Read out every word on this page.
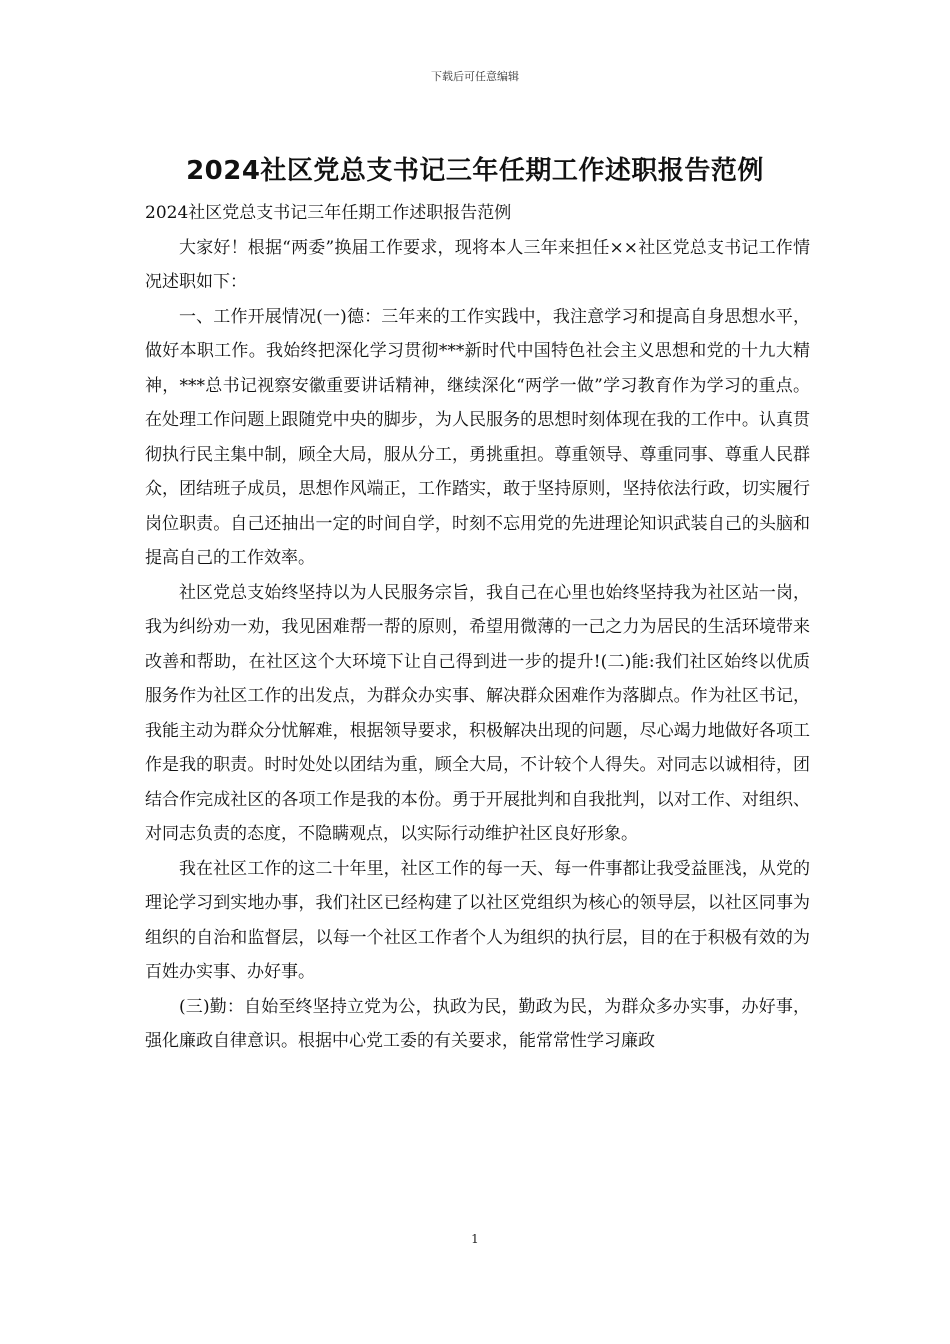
下载后可任意编辑
2024社区党总支书记三年任期工作述职报告范例

2024社区党总支书记三年任期工作述职报告范例

大家好！根据“两委”换届工作要求，现将本人三年来担任××社区党总支书记工作情况述职如下：

一、工作开展情况(一)德：三年来的工作实践中，我注意学习和提高自身思想水平，做好本职工作。我始终把深化学习贯彻***新时代中国特色社会主义思想和党的十九大精神，***总书记视察安徽重要讲话精神，继续深化“两学一做”学习教育作为学习的重点。在处理工作问题上跟随党中央的脚步，为人民服务的思想时刻体现在我的工作中。认真贯彻执行民主集中制，顾全大局，服从分工，勇挑重担。尊重领导、尊重同事、尊重人民群众，团结班子成员，思想作风端正，工作踏实，敢于坚持原则，坚持依法行政，切实履行岗位职责。自己还抽出一定的时间自学，时刻不忘用党的先进理论知识武装自己的头脑和提高自己的工作效率。

社区党总支始终坚持以为人民服务宗旨，我自己在心里也始终坚持我为社区站一岗，我为纠纷劝一劝，我见困难帮一帮的原则，希望用微薄的一己之力为居民的生活环境带来改善和帮助，在社区这个大环境下让自己得到进一步的提升!(二)能:我们社区始终以优质服务作为社区工作的出发点，为群众办实事、解决群众困难作为落脚点。作为社区书记，我能主动为群众分忧解难，根据领导要求，积极解决出现的问题，尽心竭力地做好各项工作是我的职责。时时处处以团结为重，顾全大局，不计较个人得失。对同志以诚相待，团结合作完成社区的各项工作是我的本份。勇于开展批判和自我批判，以对工作、对组织、对同志负责的态度，不隐瞒观点，以实际行动维护社区良好形象。

我在社区工作的这二十年里，社区工作的每一天、每一件事都让我受益匪浅，从党的理论学习到实地办事，我们社区已经构建了以社区党组织为核心的领导层，以社区同事为组织的自治和监督层，以每一个社区工作者个人为组织的执行层，目的在于积极有效的为百姓办实事、办好事。

(三)勤：自始至终坚持立党为公，执政为民，勤政为民，为群众多办实事，办好事，强化廉政自律意识。根据中心党工委的有关要求，能常常性学习廉政

1
